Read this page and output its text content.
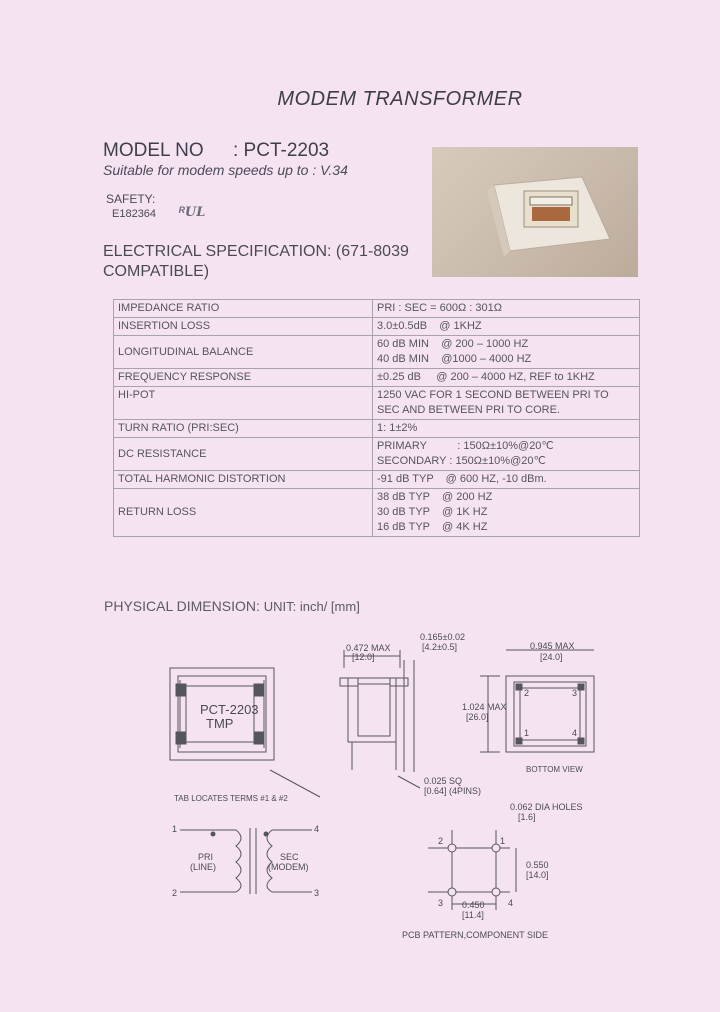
MODEM TRANSFORMER
MODEL NO : PCT-2203
Suitable for modem speeds up to : V.34
SAFETY:
E182364 ᴿUL
ELECTRICAL SPECIFICATION: (671-8039
COMPATIBLE)
IMPEDANCE RATIO	PRI : SEC = 600Ω : 301Ω

INSERTION LOSS	3.0±0.5dB    @ 1KHZ

LONGITUDINAL BALANCE	60 dB MIN    @ 200 – 1000 HZ
40 dB MIN    @1000 – 4000 HZ

FREQUENCY RESPONSE	±0.25 dB     @ 200 – 4000 HZ, REF to 1KHZ

HI-POT	1250 VAC FOR 1 SECOND BETWEEN PRI TO
SEC AND BETWEEN PRI TO CORE.

TURN RATIO (PRI:SEC)	1: 1±2%

DC RESISTANCE	PRIMARY          : 150Ω±10%@20℃
SECONDARY : 150Ω±10%@20℃

TOTAL HARMONIC DISTORTION	-91 dB TYP    @ 600 HZ, -10 dBm.

RETURN LOSS	38 dB TYP    @ 200 HZ
30 dB TYP    @ 1K HZ
16 dB TYP    @ 4K HZ
PHYSICAL DIMENSION: UNIT: inch/ [mm]
PCT-2203
TMP
TAB LOCATES TERMS #1 & #2
0.472 MAX
[12.0]
0.165±0.02
[4.2±0.5]	0.945 MAX
[24.0]
1.024 MAX
[26.0]
2	3
1	4
BOTTOM VIEW
0.025 SQ
[0.64] (4PINS)
0.062 DIA HOLES
[1.6]
0.550
[14.0]
0.450
[11.4]
2	1
3	4
PCB PATTERN,COMPONENT SIDE
1
2
4
3
PRI
(LINE)
SEC
(MODEM)
